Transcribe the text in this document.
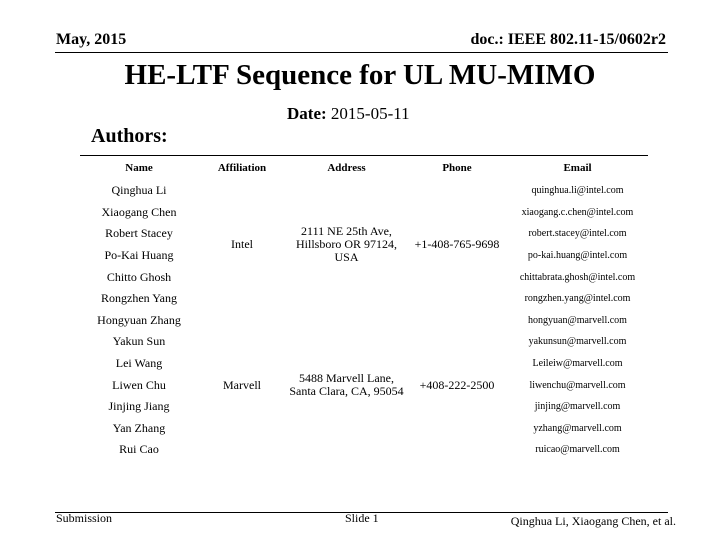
May, 2015	doc.: IEEE 802.11-15/0602r2
HE-LTF Sequence for UL MU-MIMO
Date: 2015-05-11
Authors:
Name	Affiliation	Address	Phone	Email
Qinghua Li	Intel	2111 NE 25th Ave, Hillsboro OR 97124, USA	+1-408-765-9698	quinghua.li@intel.com
Xiaogang Chen				xiaogang.c.chen@intel.com
Robert Stacey				robert.stacey@intel.com
Po-Kai Huang				po-kai.huang@intel.com
Chitto Ghosh				chittabrata.ghosh@intel.com
Rongzhen Yang				rongzhen.yang@intel.com
Hongyuan Zhang	Marvell	5488 Marvell Lane, Santa Clara, CA, 95054	+408-222-2500	hongyuan@marvell.com
Yakun Sun				yakunsun@marvell.com
Lei Wang				Leileiw@marvell.com
Liwen Chu				liwenchu@marvell.com
Jinjing Jiang				jinjing@marvell.com
Yan Zhang				yzhang@marvell.com
Rui Cao				ruicao@marvell.com
Submission	Slide 1	Qinghua Li, Xiaogang Chen, et al.
